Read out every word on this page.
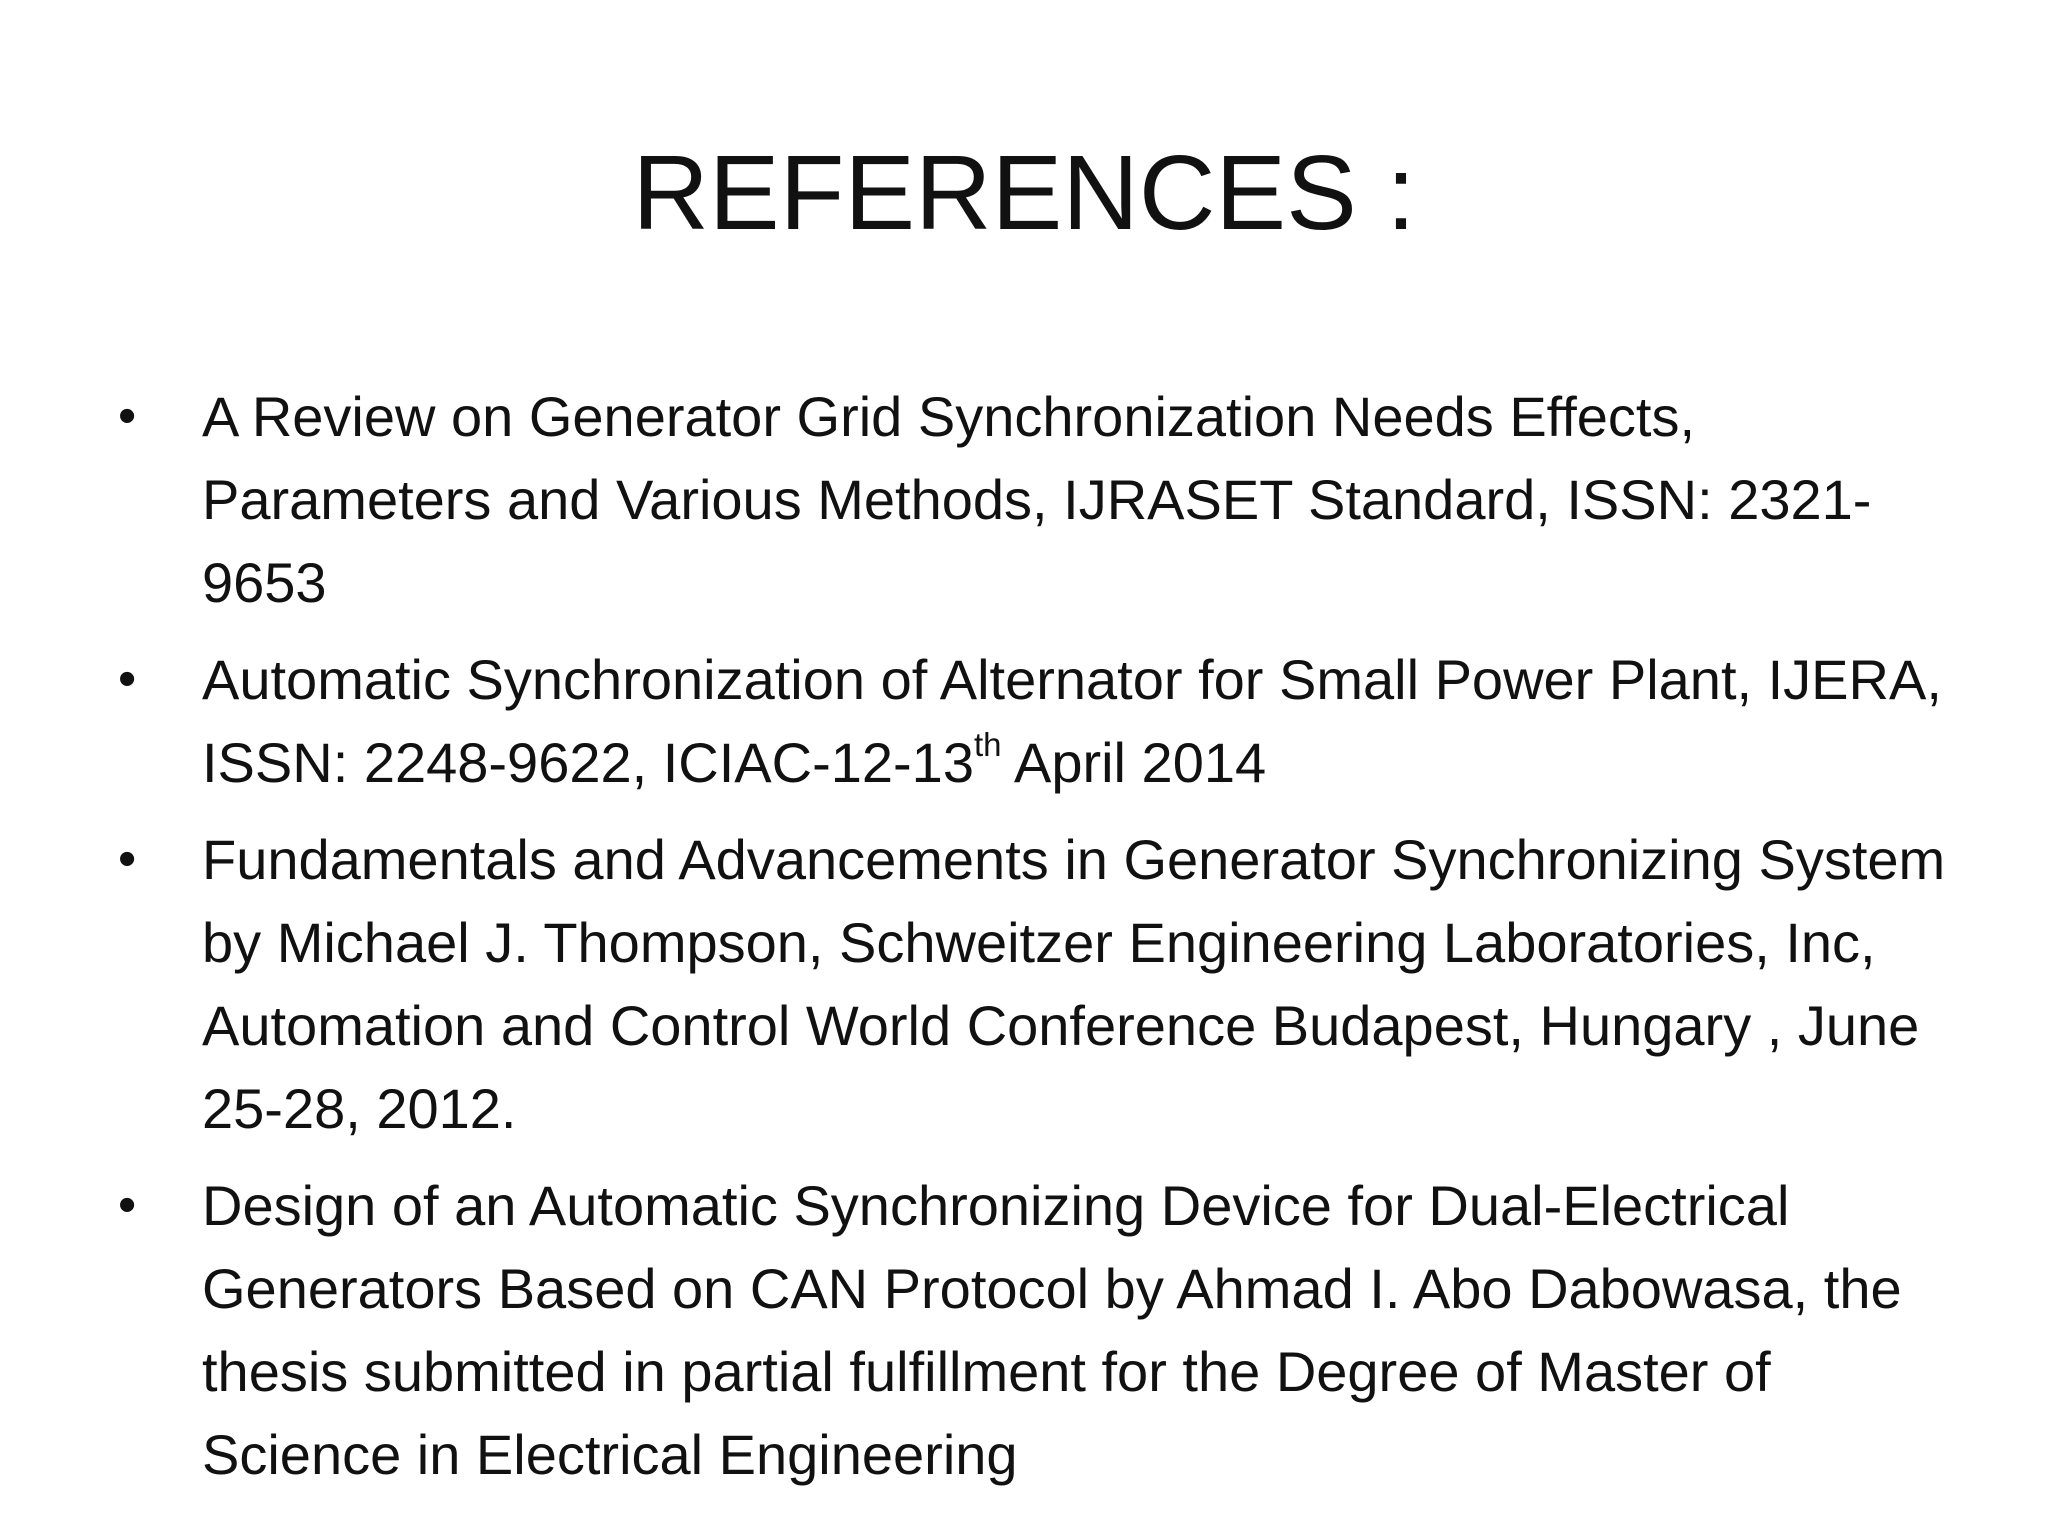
REFERENCES :
•	A Review on Generator Grid Synchronization Needs Effects, Parameters and Various Methods, IJRASET Standard, ISSN: 2321-9653
•	Automatic Synchronization of Alternator for Small Power Plant, IJERA, ISSN: 2248-9622, ICIAC-12-13th April 2014
•	Fundamentals and Advancements in Generator Synchronizing System by Michael J. Thompson, Schweitzer Engineering Laboratories, Inc, Automation and Control World Conference Budapest, Hungary , June 25-28, 2012.
•	Design of an Automatic Synchronizing Device for Dual-Electrical Generators Based on CAN Protocol by Ahmad I. Abo Dabowasa, the thesis submitted in partial fulfillment for the Degree of Master of Science in Electrical Engineering
